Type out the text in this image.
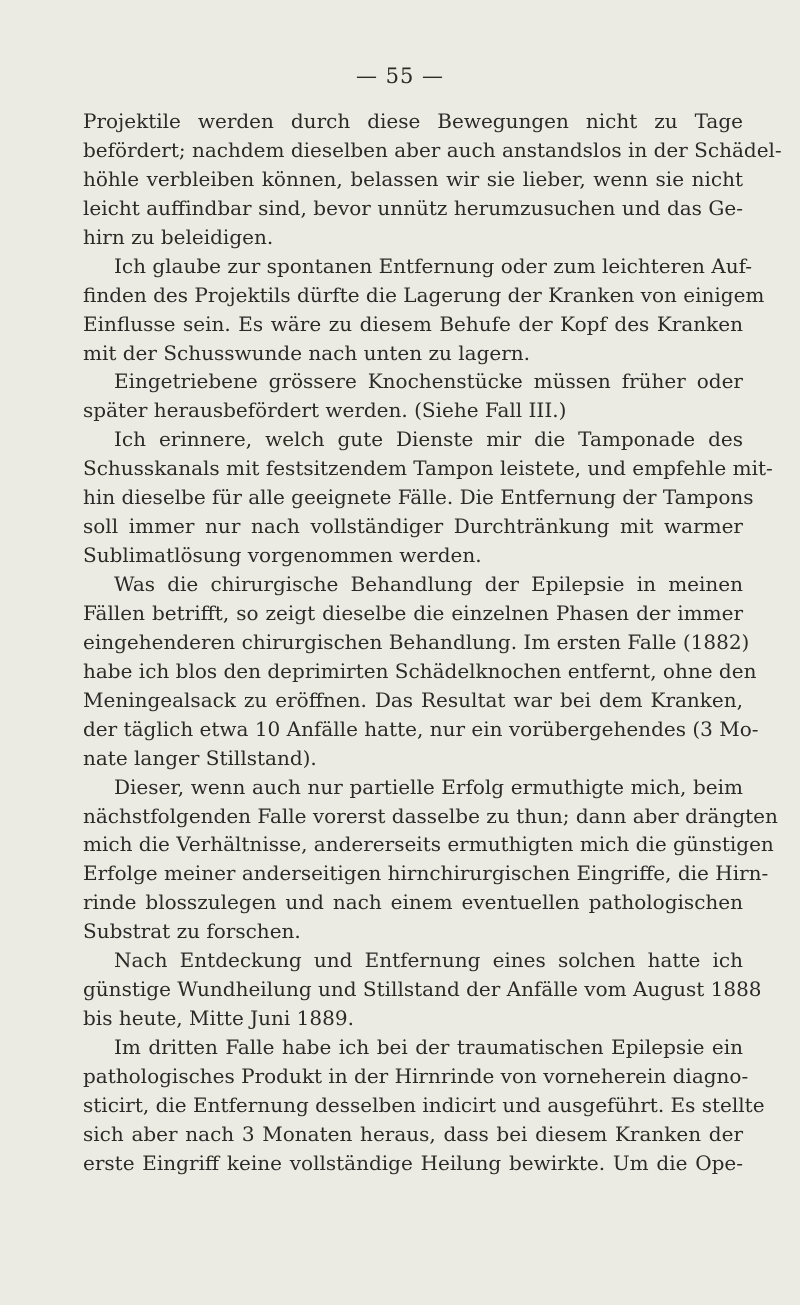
— 55 —
Projektile werden durch diese Bewegungen nicht zu Tage
befördert; nachdem dieselben aber auch anstandslos in der Schädel-
höhle verbleiben können, belassen wir sie lieber, wenn sie nicht
leicht auffindbar sind, bevor unnütz herumzusuchen und das Ge-
hirn zu beleidigen.
Ich glaube zur spontanen Entfernung oder zum leichteren Auf-
finden des Projektils dürfte die Lagerung der Kranken von einigem
Einflusse sein. Es wäre zu diesem Behufe der Kopf des Kranken
mit der Schusswunde nach unten zu lagern.
Eingetriebene grössere Knochenstücke müssen früher oder
später herausbefördert werden. (Siehe Fall III.)
Ich erinnere, welch gute Dienste mir die Tamponade des
Schusskanals mit festsitzendem Tampon leistete, und empfehle mit-
hin dieselbe für alle geeignete Fälle. Die Entfernung der Tampons
soll immer nur nach vollständiger Durchtränkung mit warmer
Sublimatlösung vorgenommen werden.
Was die chirurgische Behandlung der Epilepsie in meinen
Fällen betrifft, so zeigt dieselbe die einzelnen Phasen der immer
eingehenderen chirurgischen Behandlung. Im ersten Falle (1882)
habe ich blos den deprimirten Schädelknochen entfernt, ohne den
Meningealsack zu eröffnen. Das Resultat war bei dem Kranken,
der täglich etwa 10 Anfälle hatte, nur ein vorübergehendes (3 Mo-
nate langer Stillstand).
Dieser, wenn auch nur partielle Erfolg ermuthigte mich, beim
nächstfolgenden Falle vorerst dasselbe zu thun; dann aber drängten
mich die Verhältnisse, andererseits ermuthigten mich die günstigen
Erfolge meiner anderseitigen hirnchirurgischen Eingriffe, die Hirn-
rinde blosszulegen und nach einem eventuellen pathologischen
Substrat zu forschen.
Nach Entdeckung und Entfernung eines solchen hatte ich
günstige Wundheilung und Stillstand der Anfälle vom August 1888
bis heute, Mitte Juni 1889.
Im dritten Falle habe ich bei der traumatischen Epilepsie ein
pathologisches Produkt in der Hirnrinde von vorneherein diagno-
sticirt, die Entfernung desselben indicirt und ausgeführt. Es stellte
sich aber nach 3 Monaten heraus, dass bei diesem Kranken der
erste Eingriff keine vollständige Heilung bewirkte. Um die Ope-
